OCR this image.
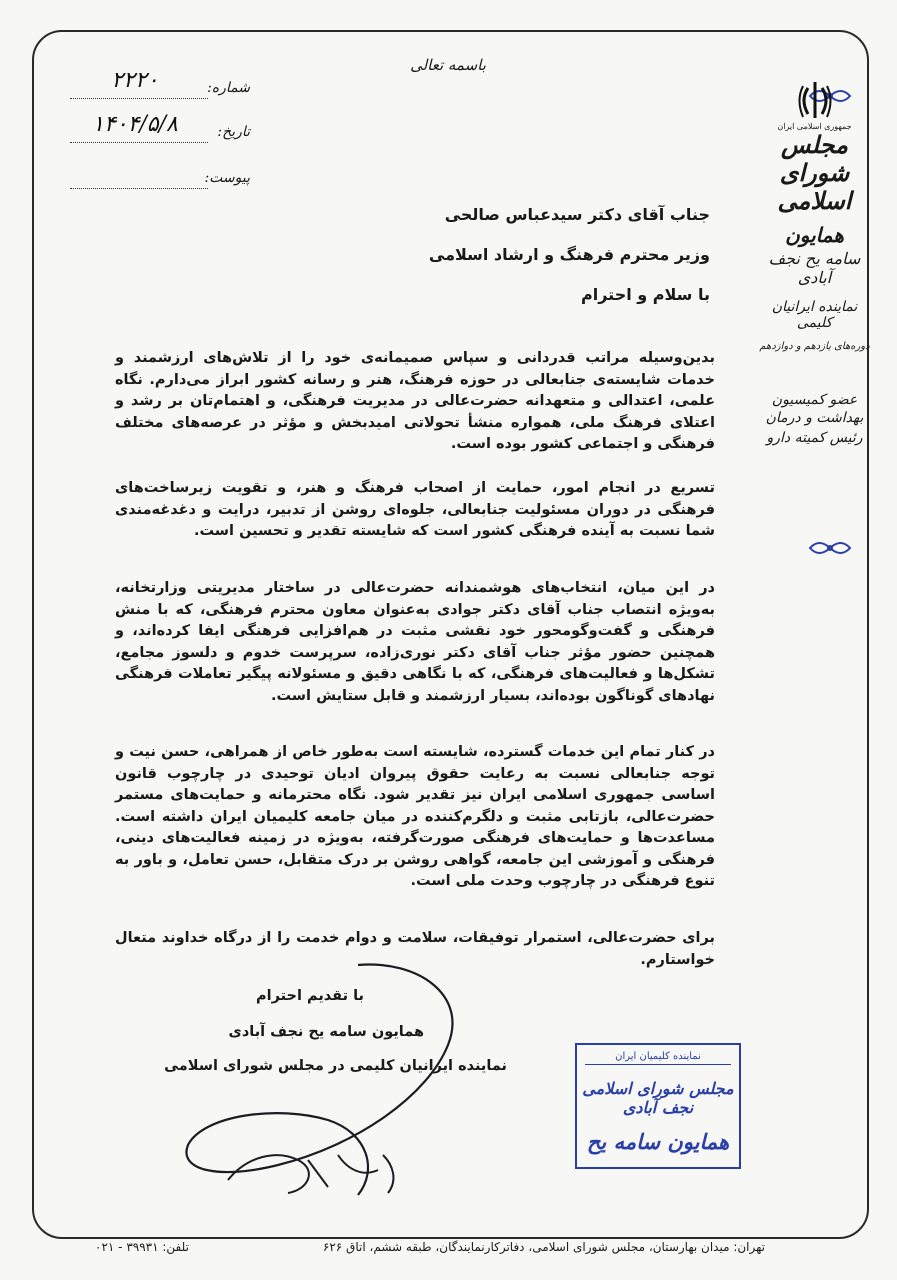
باسمه تعالی
شماره:
۲۲۲۰
تاریخ:
۱۴۰۴/۵/۸
پیوست:
جمهوری اسلامی ایران
مجلس شورای اسلامی
همایون
سامه یح نجف آبادی
نماینده ایرانیان کلیمی
دوره‌های یازدهم و دوازدهم
عضو کمیسیون
بهداشت و درمان
رئیس کمیته دارو
جناب آقای دکتر سیدعباس صالحی
وزیر محترم فرهنگ و ارشاد اسلامی
با سلام و احترام
بدین‌وسیله مراتب قدردانی و سپاس صمیمانه‌ی خود را از تلاش‌های ارزشمند و خدمات شایسته‌ی جنابعالی در حوزه فرهنگ، هنر و رسانه کشور ابراز می‌دارم. نگاه علمی، اعتدالی و متعهدانه حضرت‌عالی در مدیریت فرهنگی، و اهتمام‌تان بر رشد و اعتلای فرهنگ ملی، همواره منشأ تحولاتی امیدبخش و مؤثر در عرصه‌های مختلف فرهنگی و اجتماعی کشور بوده است.
تسریع در انجام امور، حمایت از اصحاب فرهنگ و هنر، و تقویت زیرساخت‌های فرهنگی در دوران مسئولیت جنابعالی، جلوه‌ای روشن از تدبیر، درایت و دغدغه‌مندی شما نسبت به آینده فرهنگی کشور است که شایسته تقدیر و تحسین است.
در این میان، انتخاب‌های هوشمندانه حضرت‌عالی در ساختار مدیریتی وزارتخانه، به‌ویژه انتصاب جناب آقای دکتر جوادی به‌عنوان معاون محترم فرهنگی، که با منش فرهنگی و گفت‌وگومحور خود نقشی مثبت در هم‌افزایی فرهنگی ایفا کرده‌اند، و همچنین حضور مؤثر جناب آقای دکتر نوری‌زاده، سرپرست خدوم و دلسوز مجامع، تشکل‌ها و فعالیت‌های فرهنگی، که با نگاهی دقیق و مسئولانه پیگیر تعاملات فرهنگی نهادهای گوناگون بوده‌اند، بسیار ارزشمند و قابل ستایش است.
در کنار تمام این خدمات گسترده، شایسته است به‌طور خاص از همراهی، حسن نیت و توجه جنابعالی نسبت به رعایت حقوق پیروان ادیان توحیدی در چارچوب قانون اساسی جمهوری اسلامی ایران نیز تقدیر شود. نگاه محترمانه و حمایت‌های مستمر حضرت‌عالی، بازتابی مثبت و دلگرم‌کننده در میان جامعه کلیمیان ایران داشته است. مساعدت‌ها و حمایت‌های فرهنگی صورت‌گرفته، به‌ویژه در زمینه فعالیت‌های دینی، فرهنگی و آموزشی این جامعه، گواهی روشن بر درک متقابل، حسن تعامل، و باور به تنوع فرهنگی در چارچوب وحدت ملی است.
برای حضرت‌عالی، استمرار توفیقات، سلامت و دوام خدمت را از درگاه خداوند متعال خواستارم.
با تقدیم احترام
همایون سامه یح نجف آبادی
نماینده ایرانیان کلیمی در مجلس شورای اسلامی
نماینده کلیمیان ایران
مجلس شورای اسلامی نجف آبادی
همایون سامه یح
تهران: میدان بهارستان، مجلس شورای اسلامی، دفاترکارنمایندگان، طبقه ششم، اتاق ۶۲۶
تلفن: ۳۹۹۳۱ - ۰۲۱
